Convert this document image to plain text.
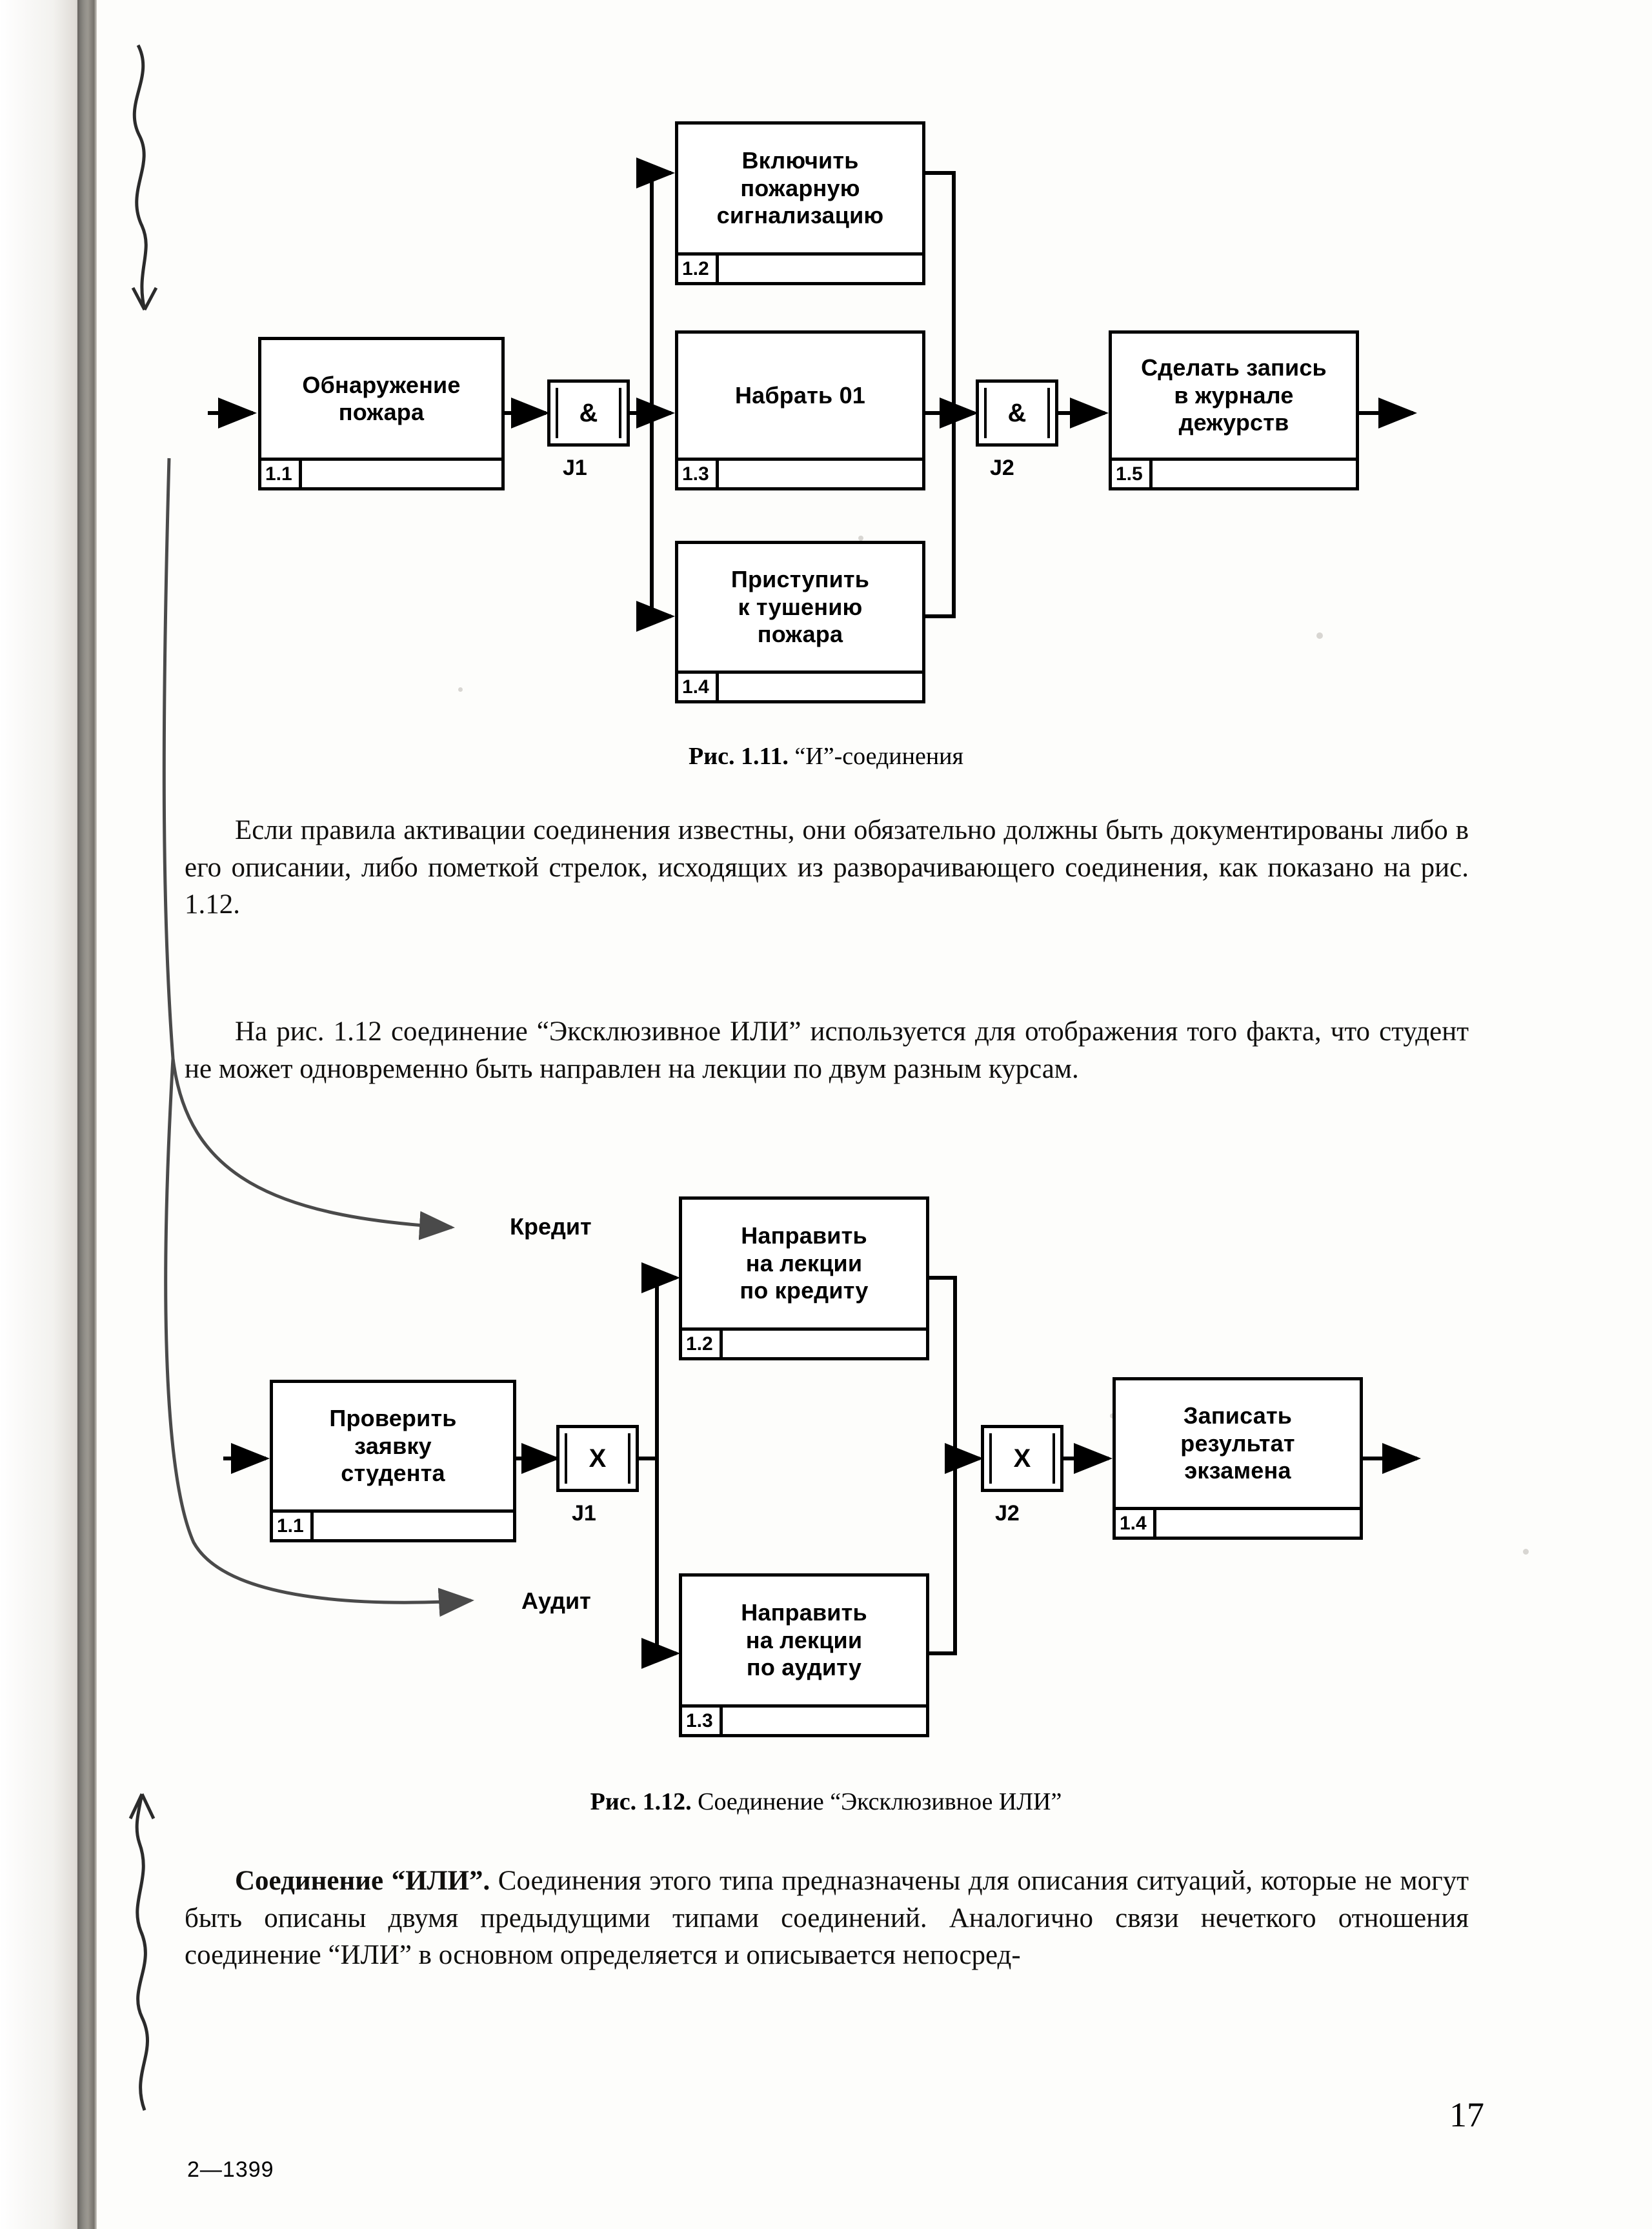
Обнаружение
пожара
1.1
Включить
пожарную
сигнализацию
1.2
Набрать 01
1.3
Приступить
к тушению
пожара
1.4
Сделать запись
в журнале
дежурств
1.5
&
J1
&
J2
Рис. 1.11. “И”-соединения
Если правила активации соединения известны, они обязательно должны быть документированы либо в его описании, либо пометкой стрелок, исходящих из разворачивающего соединения, как показано на рис. 1.12.
На рис. 1.12 соединение “Эксклюзивное ИЛИ” используется для отображения того факта, что студент не может одновременно быть направлен на лекции по двум разным курсам.
Проверить
заявку
студента
1.1
Направить
на лекции
по кредиту
1.2
Направить
на лекции
по аудиту
1.3
Записать
результат
экзамена
1.4
X
J1
X
J2
Кредит
Аудит
Рис. 1.12. Соединение “Эксклюзивное ИЛИ”
Соединение “ИЛИ”. Соединения этого типа предназначены для описания ситуаций, которые не могут быть описаны двумя предыдущими типами соединений. Аналогично связи нечеткого отношения соединение “ИЛИ” в основном определяется и описывается непосред-
17
2—1399
